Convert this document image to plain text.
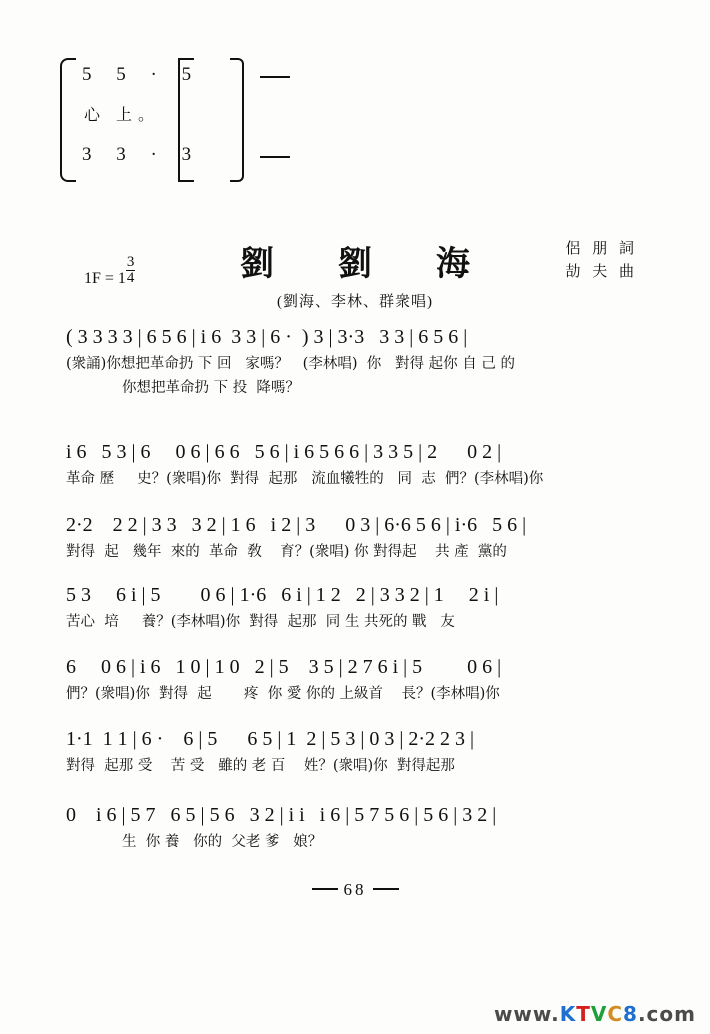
5 5 · 5
心 上。
3 3 · 3
$1F = 1 \frac{3}{4}$	劉 劉 海	侶 朋 詞
劼 夫 曲
(劉海、李林、群衆唱)
( 3 3 3 3 | 6 5 6 | i 6  3 3 | 6 ·  ) 3 | 3·3   3 3 | 6 5 6 |
(衆誦)你想把革命扔 下 回   家嗎？   (李林唱)  你   對得 起你 自 己 的
你想把革命扔 下 投  降嗎？
i 6   5 3 | 6     0 6 | 6 6   5 6 | i 6 5 6 6 | 3 3 5 | 2      0 2 |
革命 歷     史？(衆唱)你  對得  起那   流血犧牲的   同  志  們？(李林唱)你
2·2    2 2 | 3 3   3 2 | 1 6   i 2 | 3      0 3 | 6·6 5 6 | i·6   5 6 |
對得  起   幾年  來的  革命  敎    育？(衆唱) 你 對得起    共 產  黨的
5 3     6 i | 5        0 6 | 1·6   6 i | 1 2   2 | 3 3 2 | 1     2 i |
苦心  培     養？(李林唱)你  對得  起那  同 生 共死的 戰   友
6     0 6 | i 6   1 0 | 1 0   2 | 5    3 5 | 2 7 6 i | 5         0 6 |
們？(衆唱)你  對得  起       疼  你 愛 你的 上級首    長？(李林唱)你
1·1  1 1 | 6 ·    6 | 5      6 5 | 1  2 | 5 3 | 0 3 | 2·2 2 3 |
對得  起那 受    苦 受   雖的 老 百    姓？(衆唱)你  對得起那
0    i 6 | 5 7   6 5 | 5 6   3 2 | i i   i 6 | 5 7 5 6 | 5 6 | 3 2 |
生  你 養   你的  父老 爹   娘？
68
www.KTVC8.com
